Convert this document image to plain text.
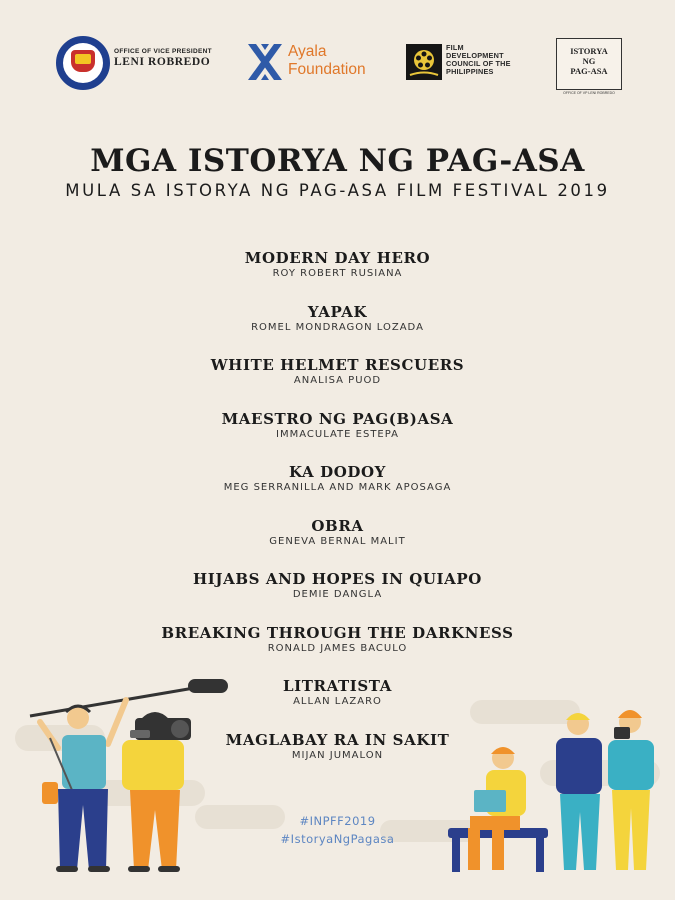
OFFICE OF VICE PRESIDENT
LENI ROBREDO
Ayala
Foundation
FILM
DEVELOPMENT
COUNCIL OF THE
PHILIPPINES
ISTORYA
NG
PAG-ASA
OFFICE OF VP LENI ROBREDO
MGA ISTORYA NG PAG-ASA
MULA SA ISTORYA NG PAG-ASA FILM FESTIVAL 2019
MODERN DAY HERO
ROY ROBERT RUSIANA
YAPAK
ROMEL MONDRAGON LOZADA
WHITE HELMET RESCUERS
ANALISA PUOD
MAESTRO NG PAG(B)ASA
IMMACULATE ESTEPA
KA DODOY
MEG SERRANILLA AND MARK APOSAGA
OBRA
GENEVA BERNAL MALIT
HIJABS AND HOPES IN QUIAPO
DEMIE DANGLA
BREAKING THROUGH THE DARKNESS
RONALD JAMES BACULO
LITRATISTA
ALLAN LAZARO
MAGLABAY RA IN SAKIT
MIJAN JUMALON
#INPFF2019
#IstoryaNgPagasa
